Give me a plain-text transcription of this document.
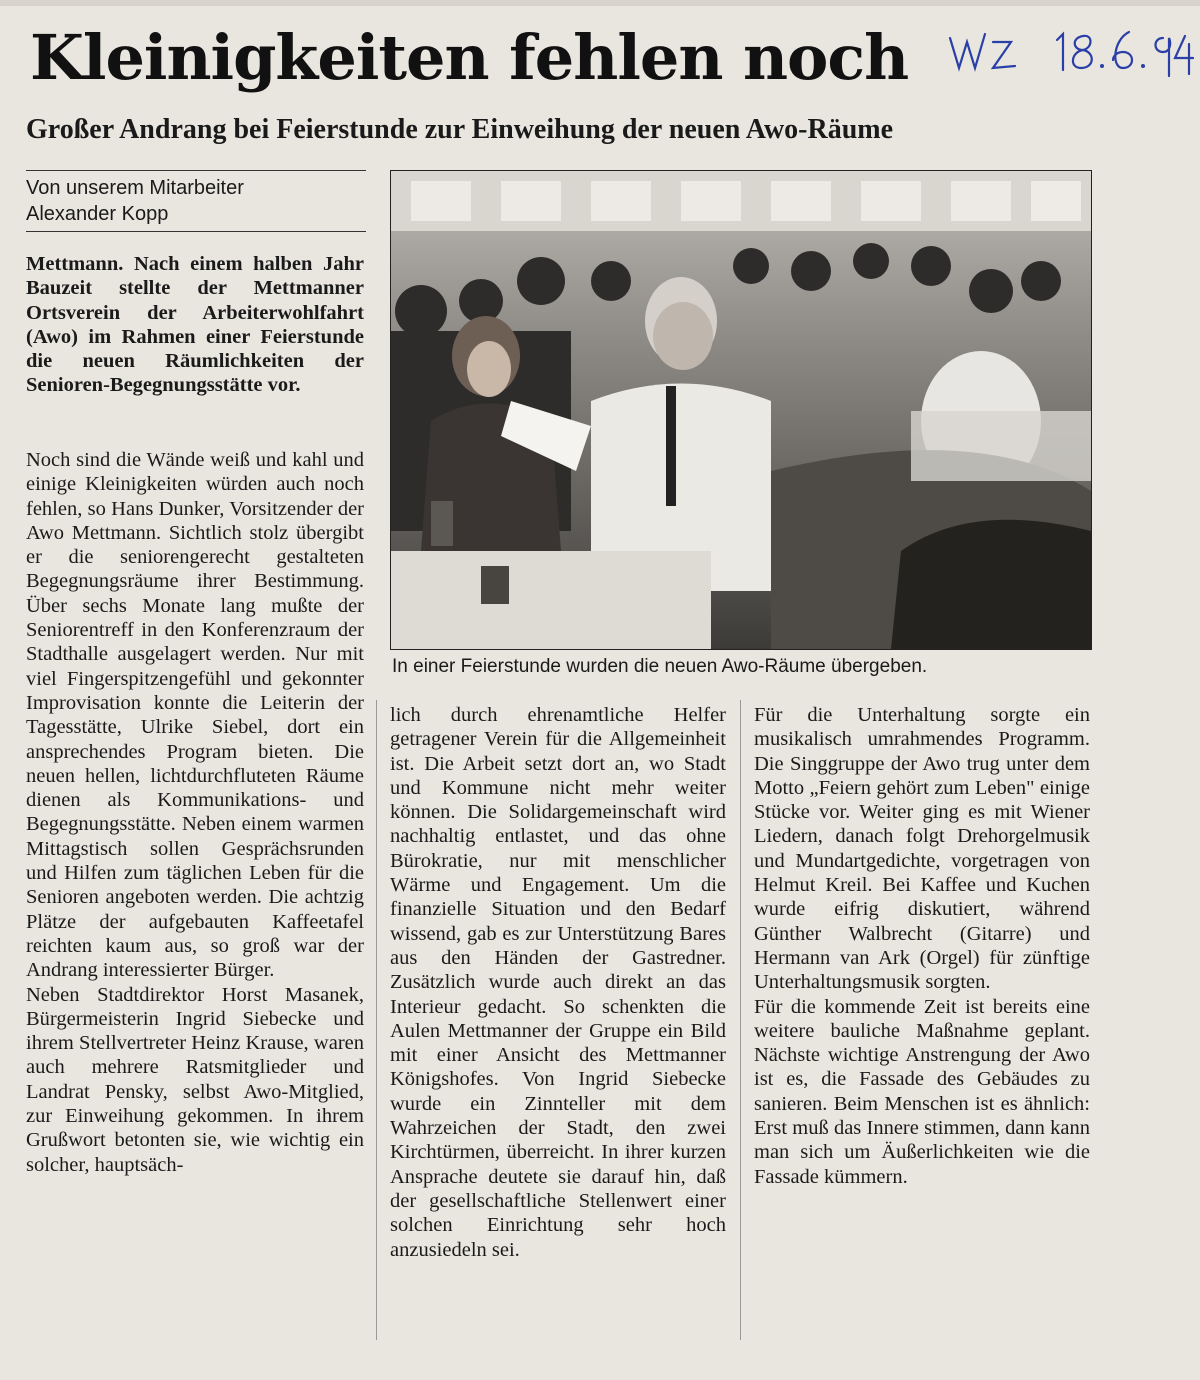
Kleinigkeiten fehlen noch
Großer Andrang bei Feierstunde zur Einweihung der neuen Awo-Räume
Von unserem Mitarbeiter
Alexander Kopp
Mettmann. Nach einem halben Jahr Bauzeit stellte der Mettmanner Ortsverein der Arbeiterwohlfahrt (Awo) im Rahmen einer Feierstunde die neuen Räumlichkeiten der Senioren-Begegnungsstätte vor.

Noch sind die Wände weiß und kahl und einige Kleinigkeiten würden auch noch fehlen, so Hans Dunker, Vorsitzender der Awo Mettmann. Sichtlich stolz übergibt er die seniorengerecht gestalteten Begegnungsräume ihrer Bestimmung. Über sechs Monate lang mußte der Seniorentreff in den Konferenzraum der Stadthalle ausgelagert werden. Nur mit viel Fingerspitzengefühl und gekonnter Improvisation konnte die Leiterin der Tagesstätte, Ulrike Siebel, dort ein ansprechendes Program bieten. Die neuen hellen, lichtdurchfluteten Räume dienen als Kommunikations- und Begegnungsstätte. Neben einem warmen Mittagstisch sollen Gesprächsrunden und Hilfen zum täglichen Leben für die Senioren angeboten werden. Die achtzig Plätze der aufgebauten Kaffeetafel reichten kaum aus, so groß war der Andrang interessierter Bürger.

Neben Stadtdirektor Horst Masanek, Bürgermeisterin Ingrid Siebecke und ihrem Stellvertreter Heinz Krause, waren auch mehrere Ratsmitglieder und Landrat Pensky, selbst Awo-Mitglied, zur Einweihung gekommen. In ihrem Grußwort betonten sie, wie wichtig ein solcher, hauptsäch-

In einer Feierstunde wurden die neuen Awo-Räume übergeben.

lich durch ehrenamtliche Helfer getragener Verein für die Allgemeinheit ist. Die Arbeit setzt dort an, wo Stadt und Kommune nicht mehr weiter können. Die Solidargemeinschaft wird nachhaltig entlastet, und das ohne Bürokratie, nur mit menschlicher Wärme und Engagement. Um die finanzielle Situation und den Bedarf wissend, gab es zur Unterstützung Bares aus den Händen der Gastredner. Zusätzlich wurde auch direkt an das Interieur gedacht. So schenkten die Aulen Mettmanner der Gruppe ein Bild mit einer Ansicht des Mettmanner Königshofes. Von Ingrid Siebecke wurde ein Zinnteller mit dem Wahrzeichen der Stadt, den zwei Kirchtürmen, überreicht. In ihrer kurzen Ansprache deutete sie darauf hin, daß der gesellschaftliche Stellenwert einer solchen Einrichtung sehr hoch anzusiedeln sei.

Für die Unterhaltung sorgte ein musikalisch umrahmendes Programm. Die Singgruppe der Awo trug unter dem Motto „Feiern gehört zum Leben" einige Stücke vor. Weiter ging es mit Wiener Liedern, danach folgt Drehorgelmusik und Mundartgedichte, vorgetragen von Helmut Kreil. Bei Kaffee und Kuchen wurde eifrig diskutiert, während Günther Walbrecht (Gitarre) und Hermann van Ark (Orgel) für zünftige Unterhaltungsmusik sorgten.

Für die kommende Zeit ist bereits eine weitere bauliche Maßnahme geplant. Nächste wichtige Anstrengung der Awo ist es, die Fassade des Gebäudes zu sanieren. Beim Menschen ist es ähnlich: Erst muß das Innere stimmen, dann kann man sich um Äußerlichkeiten wie die Fassade kümmern.
